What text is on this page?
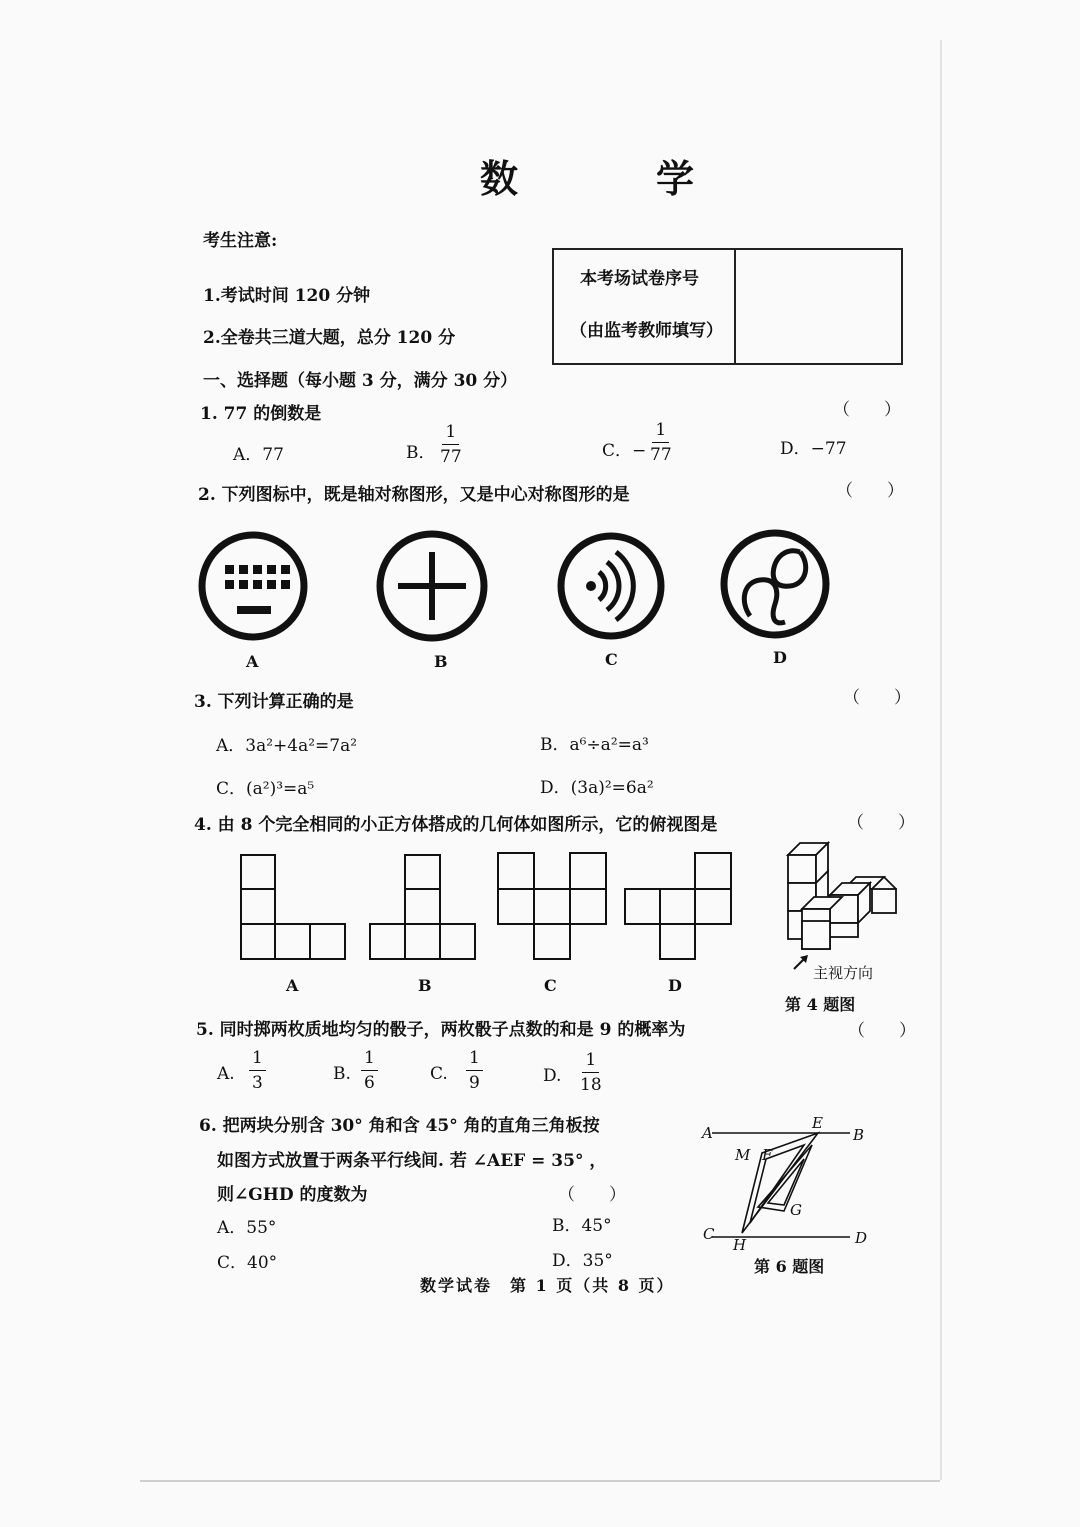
数　学
考生注意:
1.考试时间 120 分钟
2.全卷共三道大题，总分 120 分
本考场试卷序号
（由监考教师填写）
一、选择题（每小题 3 分，满分 30 分）
1. 77 的倒数是	（　　）
A．77	B． $\frac{1}{77}$	C．− $\frac{1}{77}$	D．−77
2. 下列图标中，既是轴对称图形，又是中心对称图形的是	（　　）
A	B	C	D
3. 下列计算正确的是	（　　）
A．3a²+4a²=7a²	B．a⁶÷a²=a³
C．(a²)³=a⁵	D．(3a)²=6a²
4. 由 8 个完全相同的小正方体搭成的几何体如图所示，它的俯视图是	（　　）
A	B	C	D
主视方向
第 4 题图
5. 同时掷两枚质地均匀的骰子，两枚骰子点数的和是 9 的概率为	（　　）
A. $\frac{1}{3}$	B. $\frac{1}{6}$	C. $\frac{1}{9}$	D. $\frac{1}{18}$
6. 把两块分别含 30° 角和含 45° 角的直角三角板按
如图方式放置于两条平行线间. 若 ∠AEF = 35° ，
则∠GHD 的度数为	（　　）
A．55°	B．45°
C．40°	D．35°
A	B
E
M F
G
C
H	D
第 6 题图
数学试卷　第 1 页（共 8 页）
